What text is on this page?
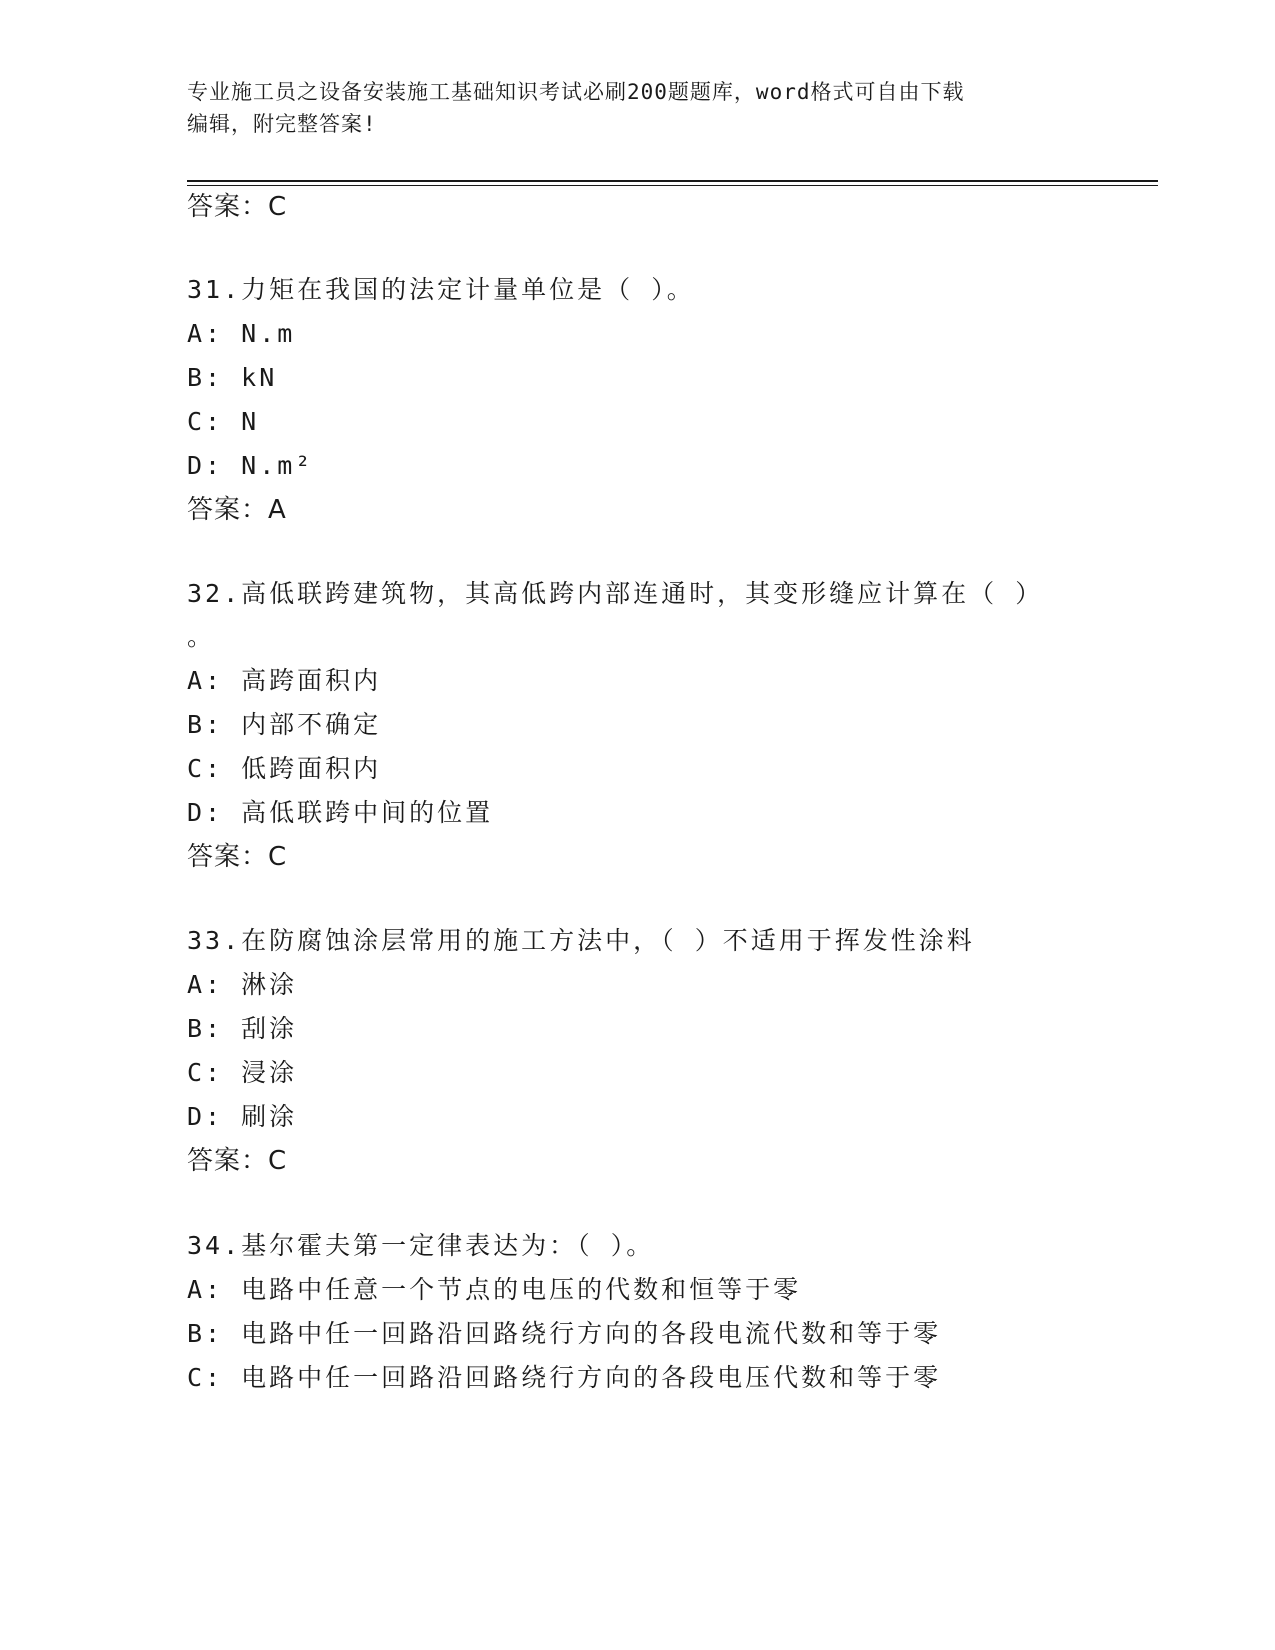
专业施工员之设备安装施工基础知识考试必刷200题题库，word格式可自由下载
编辑，附完整答案!
答案：C
31.力矩在我国的法定计量单位是（ ）。
A: N.m
B: kN
C: N
D: N.m²
答案：A
32.高低联跨建筑物，其高低跨内部连通时，其变形缝应计算在（ ）
。
A: 高跨面积内
B: 内部不确定
C: 低跨面积内
D: 高低联跨中间的位置
答案：C
33.在防腐蚀涂层常用的施工方法中，（ ）不适用于挥发性涂料
A: 淋涂
B: 刮涂
C: 浸涂
D: 刷涂
答案：C
34.基尔霍夫第一定律表达为：（ ）。
A: 电路中任意一个节点的电压的代数和恒等于零
B: 电路中任一回路沿回路绕行方向的各段电流代数和等于零
C: 电路中任一回路沿回路绕行方向的各段电压代数和等于零
